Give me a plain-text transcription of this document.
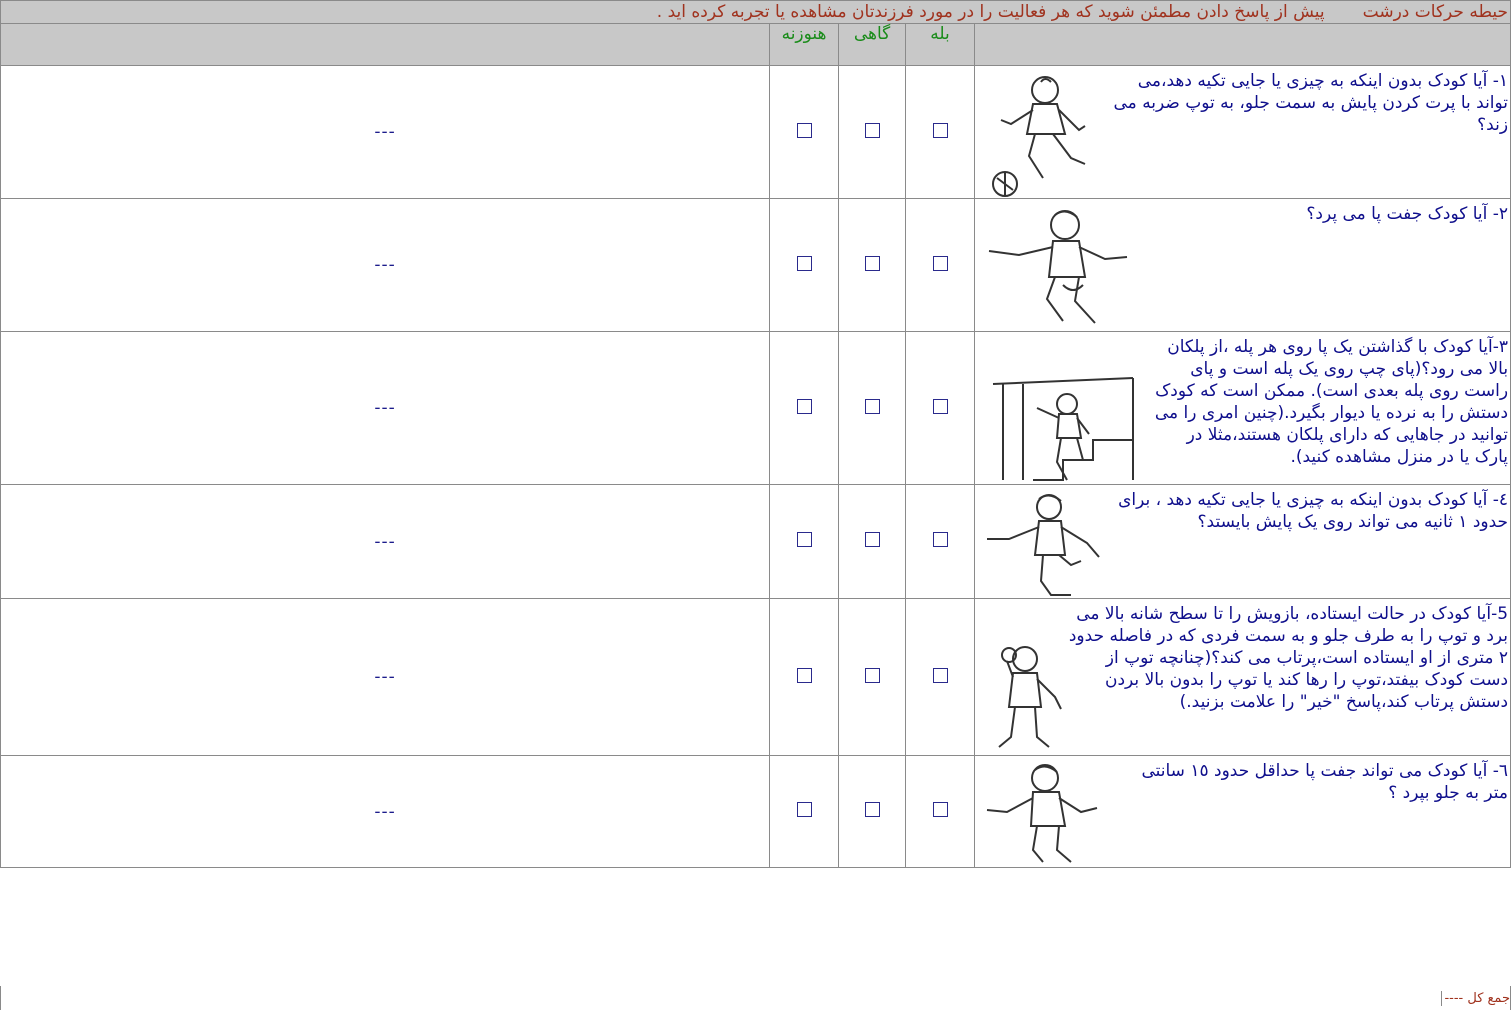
حیطه حرکات درشت
پیش از پاسخ دادن مطمئن شوید که هر فعالیت را در مورد فرزندتان مشاهده یا تجربه کرده اید .				

	بله	گاهی	هنوزنه	

١- آیا کودک بدون اینکه به چیزی یا جایی تکیه دهد،می تواند با پرت کردن پایش به سمت جلو، به توپ ضربه می زند؟				---

٢- آیا کودک جفت پا می پرد؟				---

٣-آیا کودک با گذاشتن یک پا روی هر پله ،از پلکان بالا می رود؟(پای چپ روی یک پله است و پای راست روی پله بعدی است). ممکن است که کودک دستش را به نرده یا دیوار بگیرد.(چنین امری را می توانید در جاهایی که دارای پلکان هستند،مثلا در پارک یا در منزل مشاهده کنید).				---

٤- آیا کودک بدون اینکه به چیزی یا جایی تکیه دهد ، برای حدود ١ ثانیه می تواند روی یک پایش بایستد؟				---

5-آیا کودک در حالت ایستاده، بازویش را تا سطح شانه بالا می برد و توپ را به طرف جلو و به سمت فردی که در فاصله حدود ٢ متری از او ایستاده است،پرتاب می کند؟(چنانچه توپ از دست کودک بیفتد،توپ را رها کند یا توپ را بدون بالا بردن دستش پرتاب کند،پاسخ "خیر" را علامت بزنید.)				---

٦- آیا کودک می تواند جفت پا حداقل حدود ١٥ سانتی متر به جلو بپرد ؟				---
جمع کل ----
